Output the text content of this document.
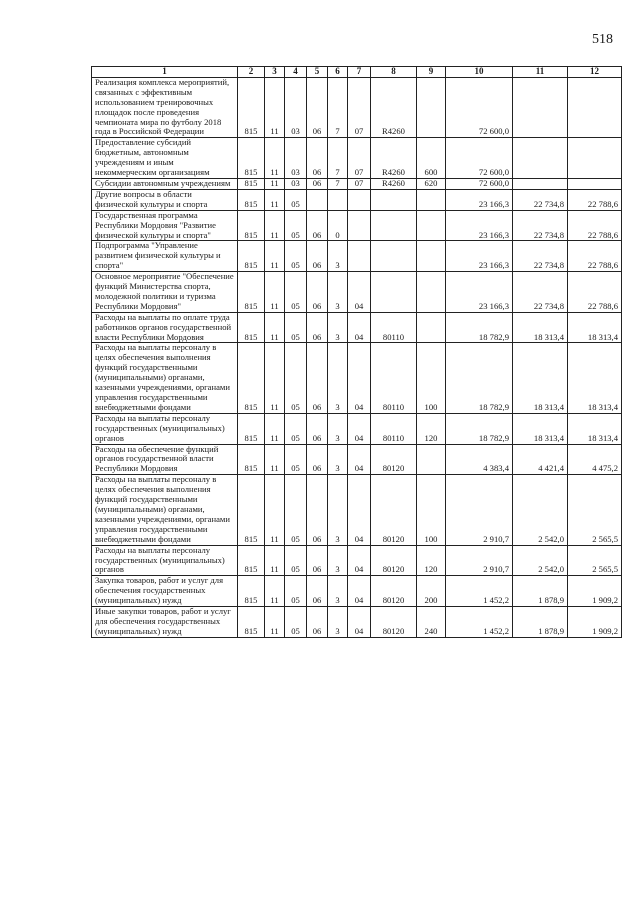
518
1	2	3	4	5	6	7	8	9	10	11	12
Реализация комплекса мероприятий, связанных с эффективным использованием тренировочных площадок после проведения чемпионата мира по футболу 2018 года в Российской Федерации	815	11	03	06	7	07	R4260		72 600,0		
Предоставление субсидий бюджетным, автономным учреждениям и иным некоммерческим организациям	815	11	03	06	7	07	R4260	600	72 600,0		
Субсидии автономным учреждениям	815	11	03	06	7	07	R4260	620	72 600,0		
Другие вопросы в области физической культуры и спорта	815	11	05						23 166,3	22 734,8	22 788,6
Государственная программа Республики Мордовия "Развитие физической культуры и спорта"	815	11	05	06	0				23 166,3	22 734,8	22 788,6
Подпрограмма "Управление развитием физической культуры и спорта"	815	11	05	06	3				23 166,3	22 734,8	22 788,6
Основное мероприятие "Обеспечение функций Министерства спорта, молодежной политики и туризма Республики Мордовия"	815	11	05	06	3	04			23 166,3	22 734,8	22 788,6
Расходы на выплаты по оплате труда работников органов государственной власти Республики Мордовия	815	11	05	06	3	04	80110		18 782,9	18 313,4	18 313,4
Расходы на выплаты персоналу в целях обеспечения выполнения функций государственными (муниципальными) органами, казенными учреждениями, органами управления государственными внебюджетными фондами	815	11	05	06	3	04	80110	100	18 782,9	18 313,4	18 313,4
Расходы на выплаты персоналу государственных (муниципальных) органов	815	11	05	06	3	04	80110	120	18 782,9	18 313,4	18 313,4
Расходы на обеспечение функций органов государственной власти Республики Мордовия	815	11	05	06	3	04	80120		4 383,4	4 421,4	4 475,2
Расходы на выплаты персоналу в целях обеспечения выполнения функций государственными (муниципальными) органами, казенными учреждениями, органами управления государственными внебюджетными фондами	815	11	05	06	3	04	80120	100	2 910,7	2 542,0	2 565,5
Расходы на выплаты персоналу государственных (муниципальных) органов	815	11	05	06	3	04	80120	120	2 910,7	2 542,0	2 565,5
Закупка товаров, работ и услуг для обеспечения государственных (муниципальных) нужд	815	11	05	06	3	04	80120	200	1 452,2	1 878,9	1 909,2
Иные закупки товаров, работ и услуг для обеспечения государственных (муниципальных) нужд	815	11	05	06	3	04	80120	240	1 452,2	1 878,9	1 909,2
